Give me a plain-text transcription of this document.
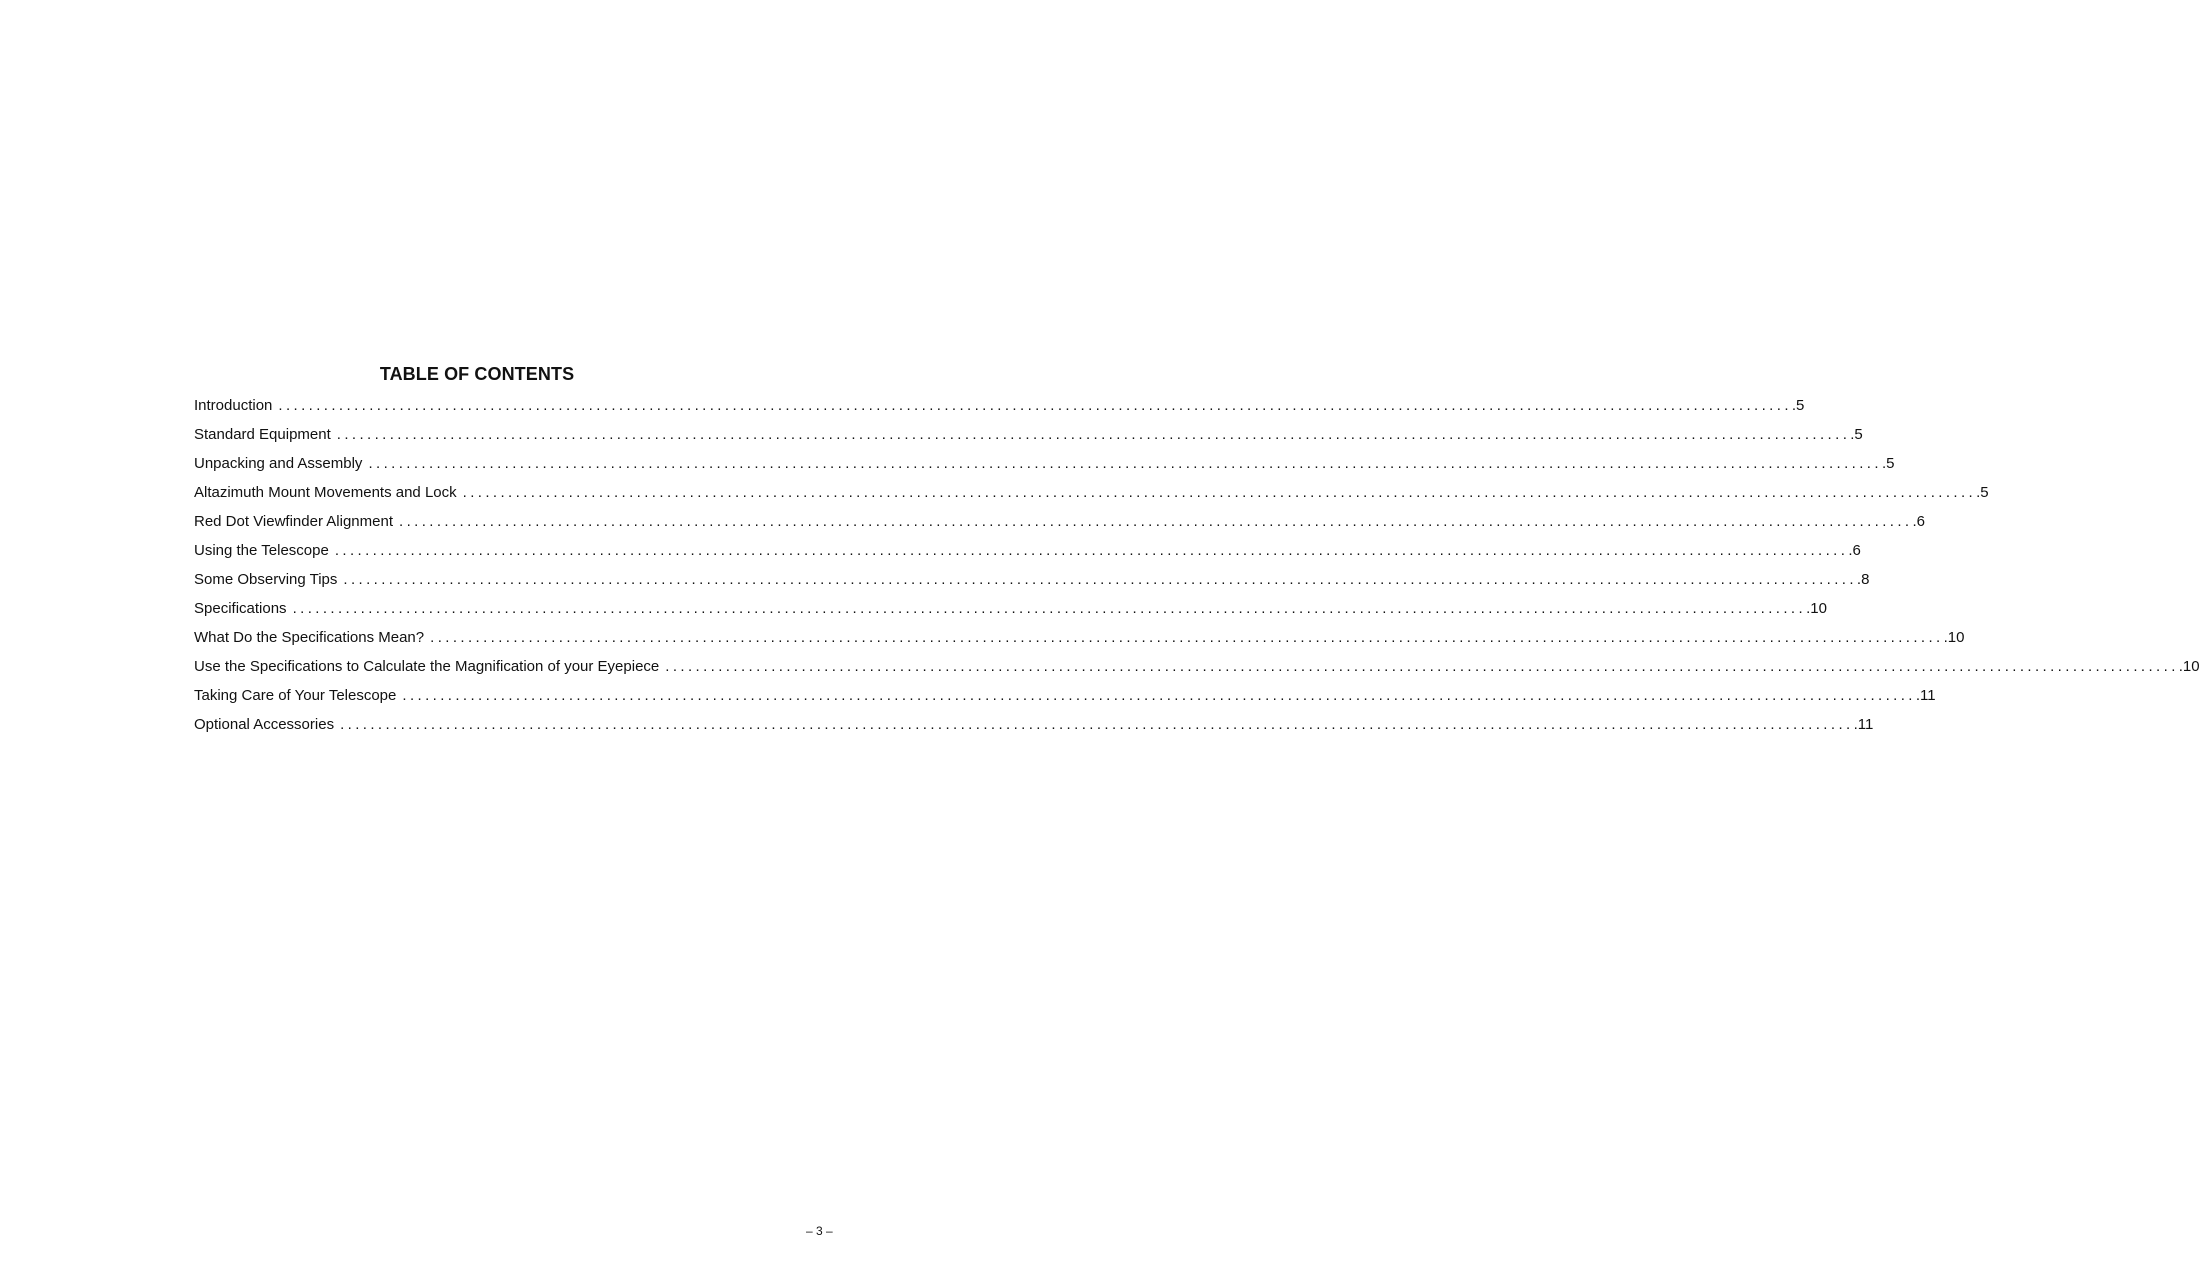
TABLE OF CONTENTS
Introduction ........................................................................................................................................................................................................ .5
Standard Equipment ........................................................................................................................................................................................................ .5
Unpacking and Assembly ........................................................................................................................................................................................................ .5
Altazimuth Mount Movements and Lock ........................................................................................................................................................................................................ .5
Red Dot Viewfinder Alignment ........................................................................................................................................................................................................ .6
Using the Telescope ........................................................................................................................................................................................................ .6
Some Observing Tips ........................................................................................................................................................................................................ .8
Specifications ........................................................................................................................................................................................................ .10
What Do the Specifications Mean? ........................................................................................................................................................................................................ .10
Use the Specifications to Calculate the Magnification of your Eyepiece ........................................................................................................................................................................................................ .10
Taking Care of Your Telescope ........................................................................................................................................................................................................ .11
Optional Accessories ........................................................................................................................................................................................................ .11
– 3 –
